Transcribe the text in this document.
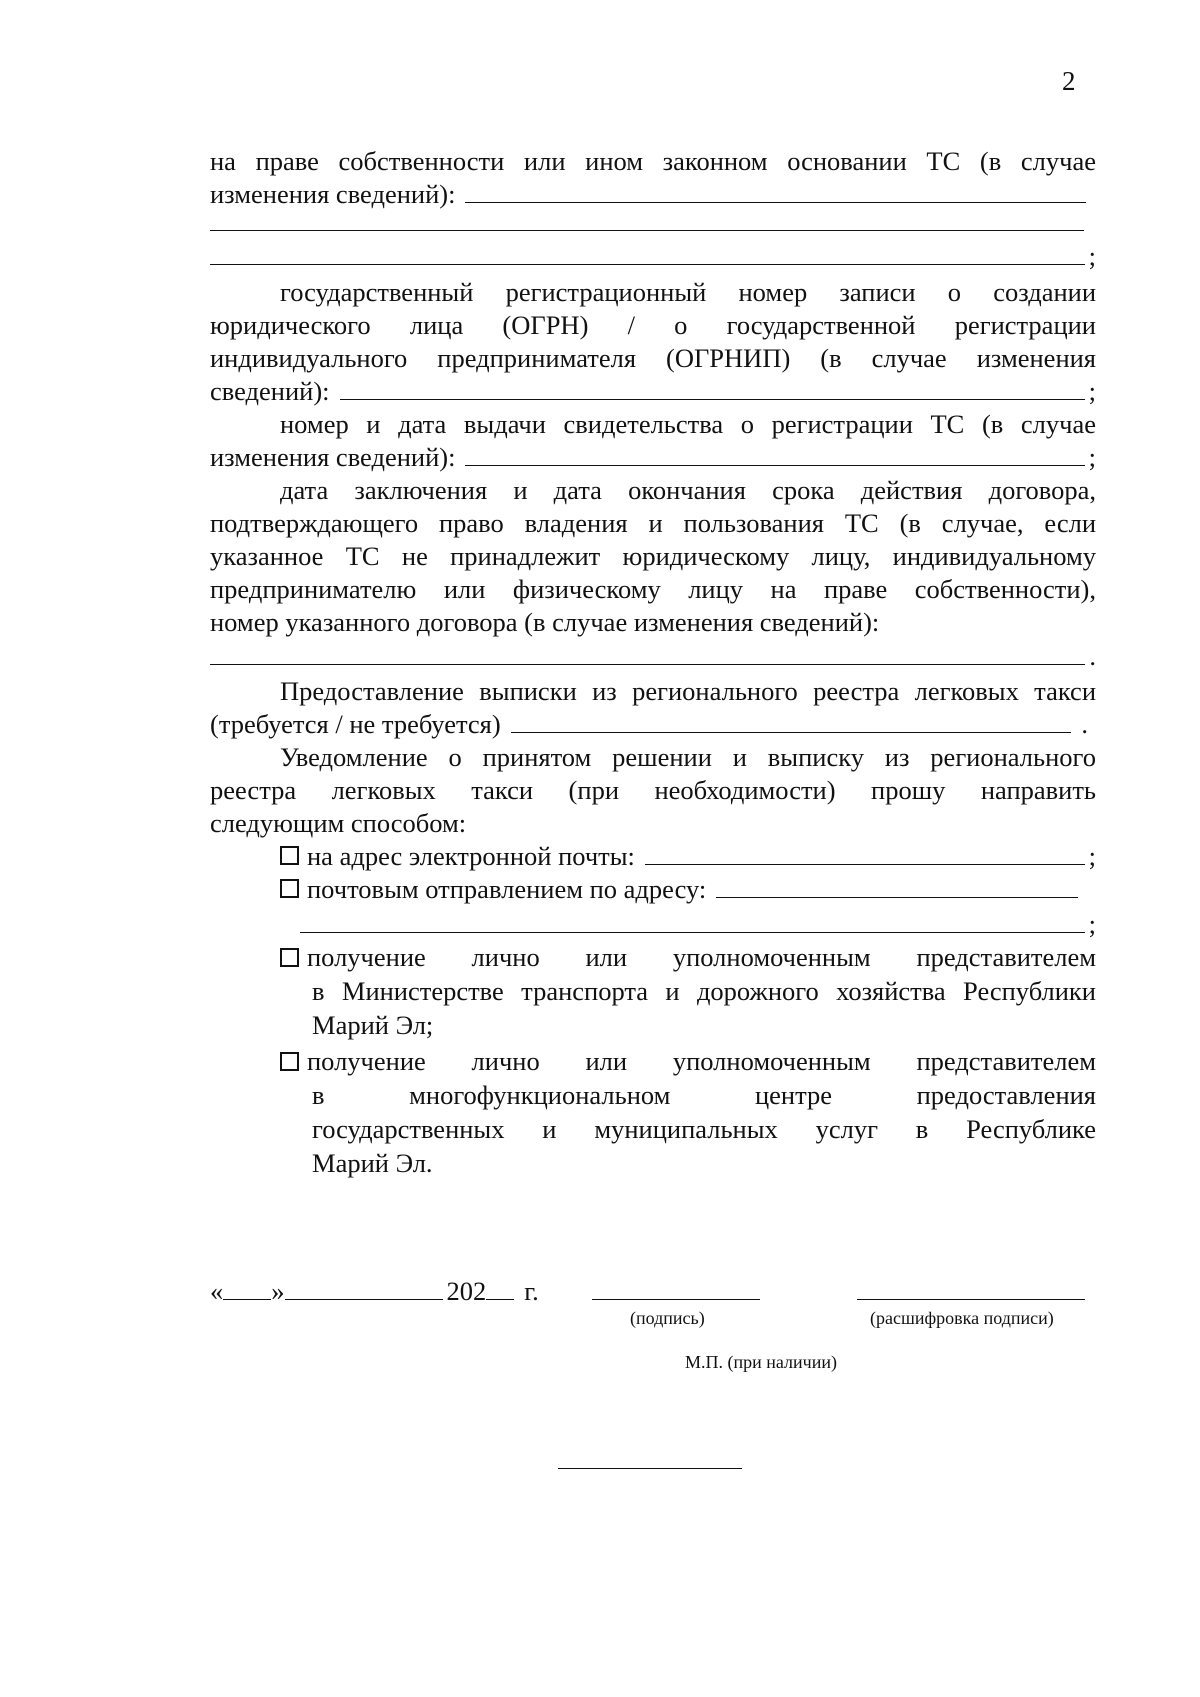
2
на праве собственности или ином законном основании ТС (в случае
изменения сведений):
;
государственный регистрационный номер записи о создании
юридического лица (ОГРН) / о государственной регистрации
индивидуального предпринимателя (ОГРНИП) (в случае изменения
сведений):	;
номер и дата выдачи свидетельства о регистрации ТС (в случае
изменения сведений):	;
дата заключения и дата окончания срока действия договора,
подтверждающего право владения и пользования ТС (в случае, если
указанное ТС не принадлежит юридическому лицу, индивидуальному
предпринимателю или физическому лицу на праве собственности),
номер указанного договора (в случае изменения сведений):
.
Предоставление выписки из регионального реестра легковых такси
(требуется / не требуется)	.
Уведомление о принятом решении и выписку из регионального
реестра легковых такси (при необходимости) прошу направить
следующим способом:
на адрес электронной почты:	;
почтовым отправлением по адресу:
;
получение лично или уполномоченным представителем
в Министерстве транспорта и дорожного хозяйства Республики
Марий Эл;
получение лично или уполномоченным представителем
в многофункциональном центре предоставления
государственных и муниципальных услуг в Республике
Марий Эл.
« »	202 г.
(подпись)	(расшифровка подписи)
М.П. (при наличии)
